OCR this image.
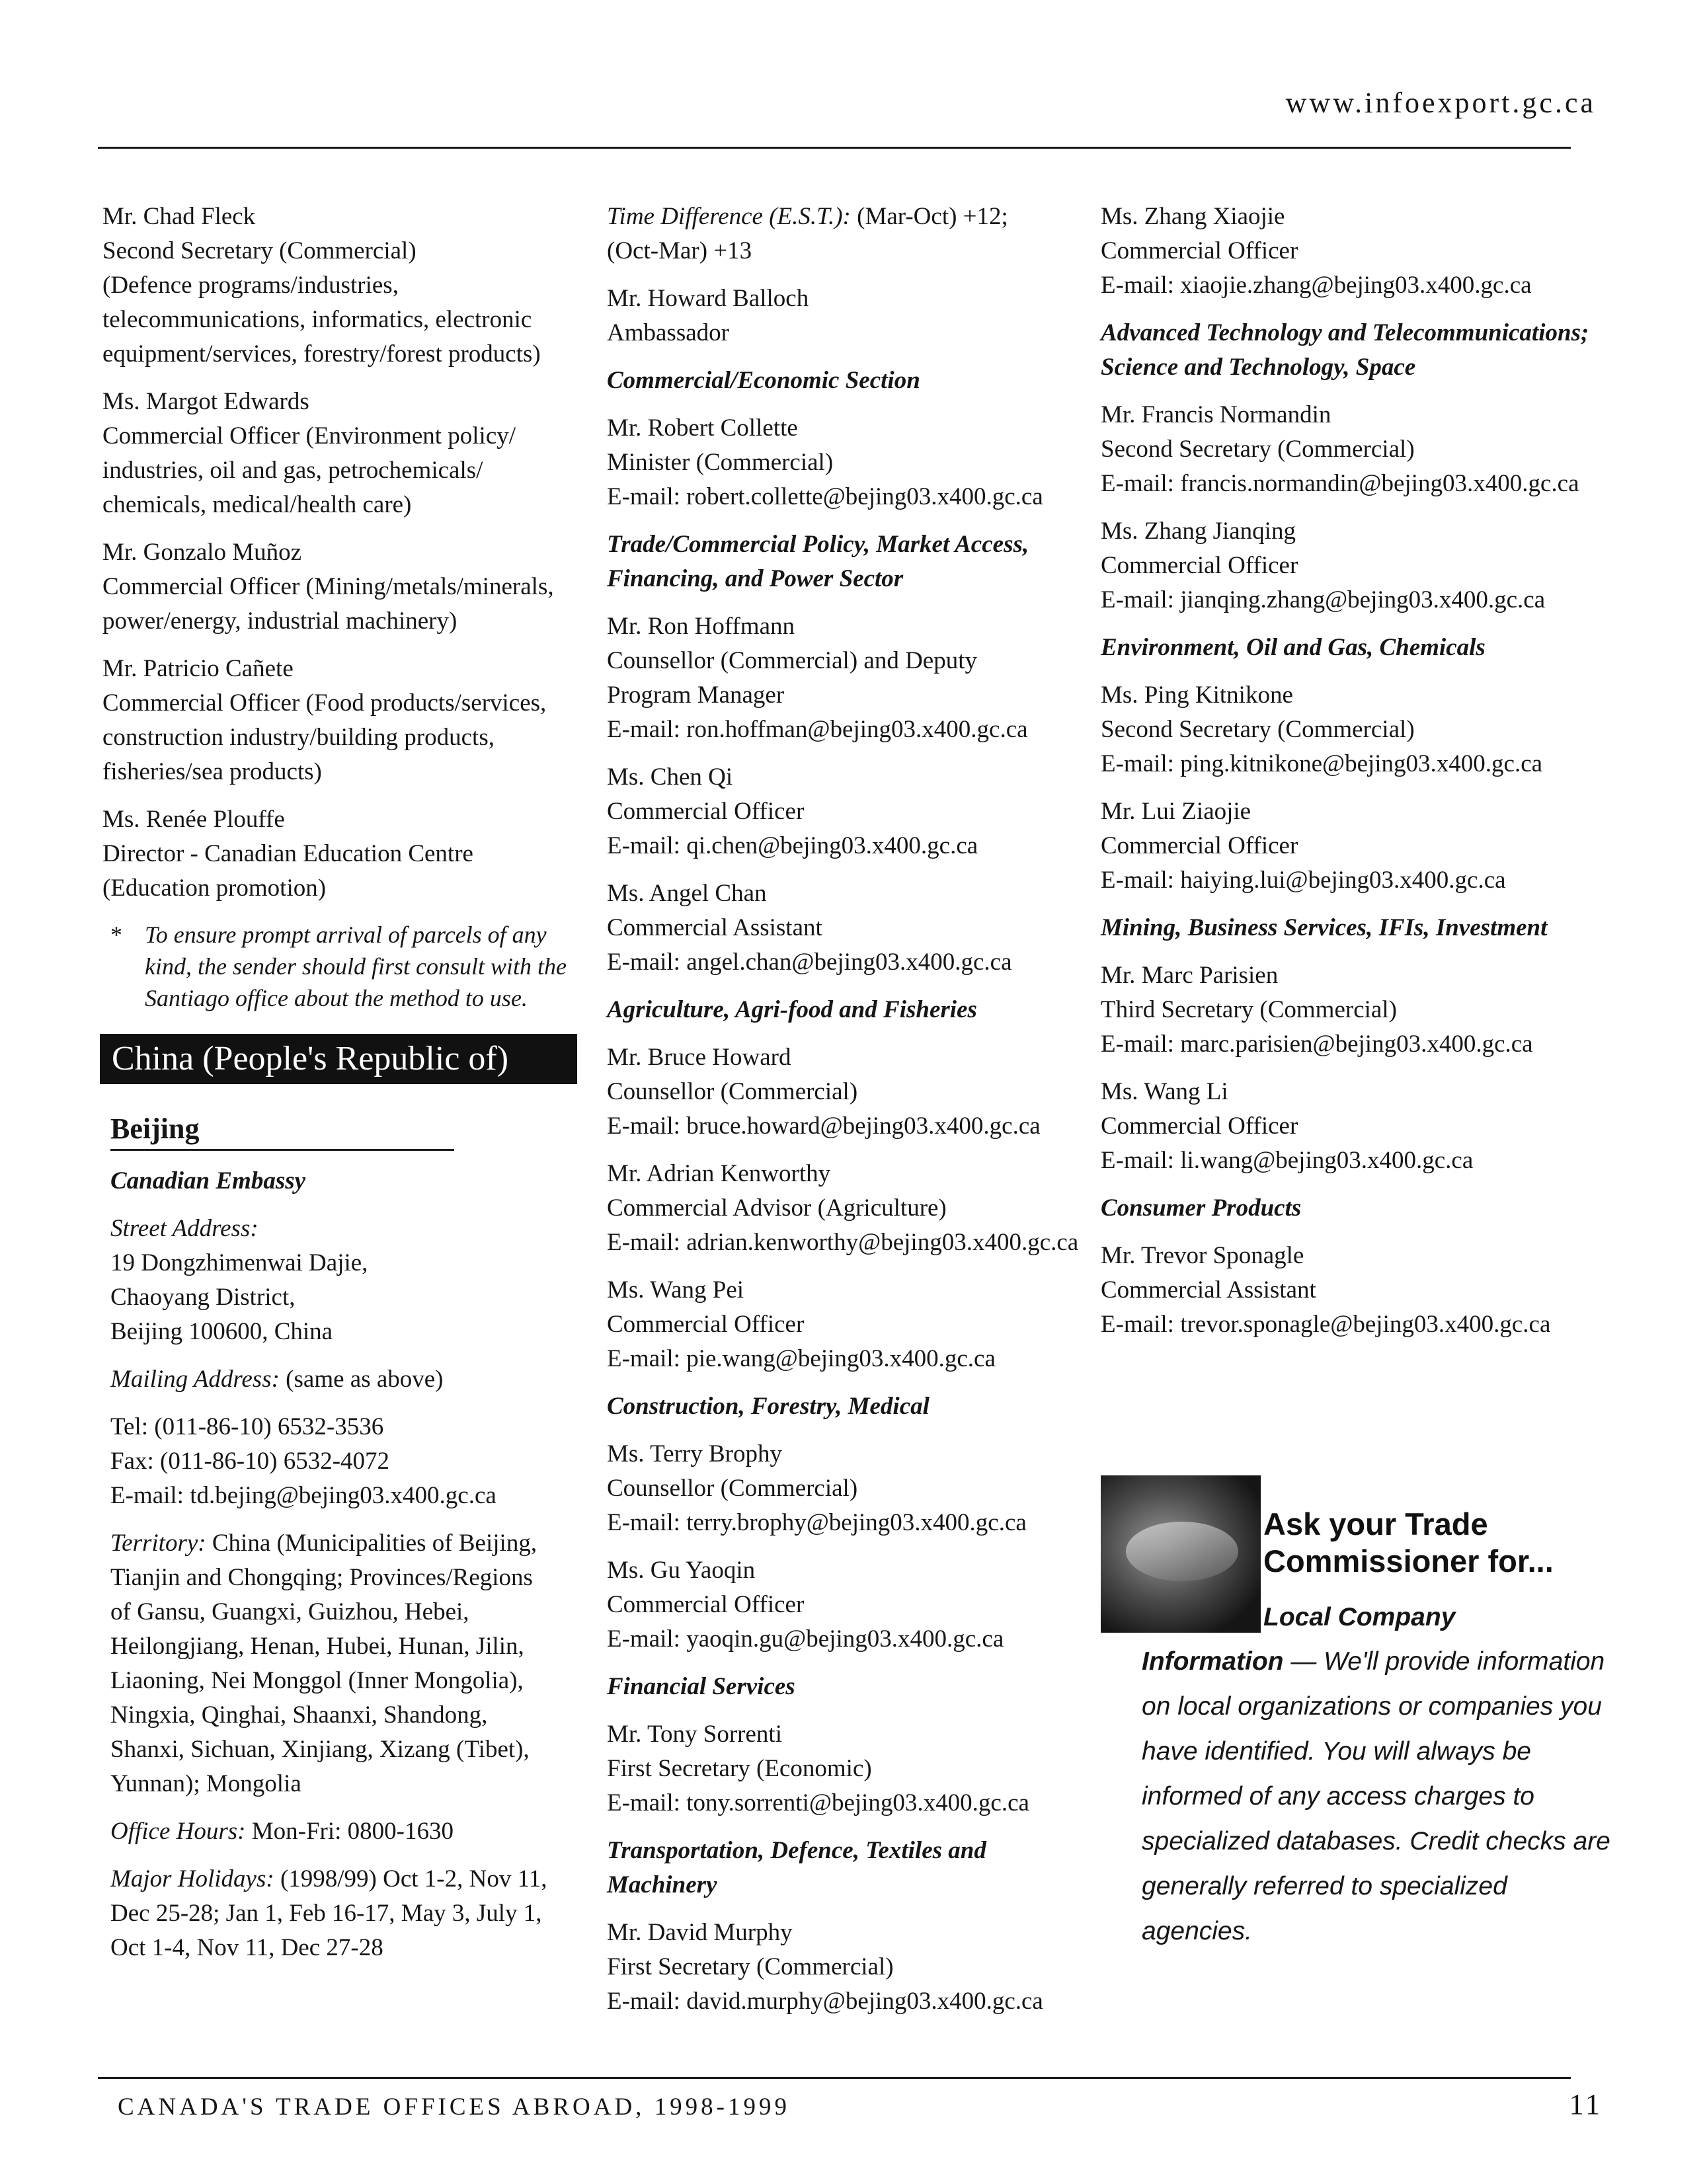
www.infoexport.gc.ca
Mr. Chad Fleck
Second Secretary (Commercial)
(Defence programs/industries,
telecommunications, informatics, electronic
equipment/services, forestry/forest products)
Ms. Margot Edwards
Commercial Officer (Environment policy/
industries, oil and gas, petrochemicals/
chemicals, medical/health care)
Mr. Gonzalo Muñoz
Commercial Officer (Mining/metals/minerals,
power/energy, industrial machinery)
Mr. Patricio Cañete
Commercial Officer (Food products/services,
construction industry/building products,
fisheries/sea products)
Ms. Renée Plouffe
Director - Canadian Education Centre
(Education promotion)
* To ensure prompt arrival of parcels of any kind, the sender should first consult with the Santiago office about the method to use.
China (People's Republic of)
Beijing
Canadian Embassy
Street Address:
19 Dongzhimenwai Dajie,
Chaoyang District,
Beijing 100600, China
Mailing Address: (same as above)
Tel: (011-86-10) 6532-3536
Fax: (011-86-10) 6532-4072
E-mail: td.bejing@bejing03.x400.gc.ca
Territory: China (Municipalities of Beijing,
Tianjin and Chongqing; Provinces/Regions
of Gansu, Guangxi, Guizhou, Hebei,
Heilongjiang, Henan, Hubei, Hunan, Jilin,
Liaoning, Nei Monggol (Inner Mongolia),
Ningxia, Qinghai, Shaanxi, Shandong,
Shanxi, Sichuan, Xinjiang, Xizang (Tibet),
Yunnan); Mongolia
Office Hours: Mon-Fri: 0800-1630
Major Holidays: (1998/99) Oct 1-2, Nov 11,
Dec 25-28; Jan 1, Feb 16-17, May 3, July 1,
Oct 1-4, Nov 11, Dec 27-28
Time Difference (E.S.T.): (Mar-Oct) +12;
(Oct-Mar) +13
Mr. Howard Balloch
Ambassador
Commercial/Economic Section
Mr. Robert Collette
Minister (Commercial)
E-mail: robert.collette@bejing03.x400.gc.ca
Trade/Commercial Policy, Market Access, Financing, and Power Sector
Mr. Ron Hoffmann
Counsellor (Commercial) and Deputy
Program Manager
E-mail: ron.hoffman@bejing03.x400.gc.ca
Ms. Chen Qi
Commercial Officer
E-mail: qi.chen@bejing03.x400.gc.ca
Ms. Angel Chan
Commercial Assistant
E-mail: angel.chan@bejing03.x400.gc.ca
Agriculture, Agri-food and Fisheries
Mr. Bruce Howard
Counsellor (Commercial)
E-mail: bruce.howard@bejing03.x400.gc.ca
Mr. Adrian Kenworthy
Commercial Advisor (Agriculture)
E-mail: adrian.kenworthy@bejing03.x400.gc.ca
Ms. Wang Pei
Commercial Officer
E-mail: pie.wang@bejing03.x400.gc.ca
Construction, Forestry, Medical
Ms. Terry Brophy
Counsellor (Commercial)
E-mail: terry.brophy@bejing03.x400.gc.ca
Ms. Gu Yaoqin
Commercial Officer
E-mail: yaoqin.gu@bejing03.x400.gc.ca
Financial Services
Mr. Tony Sorrenti
First Secretary (Economic)
E-mail: tony.sorrenti@bejing03.x400.gc.ca
Transportation, Defence, Textiles and Machinery
Mr. David Murphy
First Secretary (Commercial)
E-mail: david.murphy@bejing03.x400.gc.ca
Ms. Zhang Xiaojie
Commercial Officer
E-mail: xiaojie.zhang@bejing03.x400.gc.ca
Advanced Technology and Telecommunications; Science and Technology, Space
Mr. Francis Normandin
Second Secretary (Commercial)
E-mail: francis.normandin@bejing03.x400.gc.ca
Ms. Zhang Jianqing
Commercial Officer
E-mail: jianqing.zhang@bejing03.x400.gc.ca
Environment, Oil and Gas, Chemicals
Ms. Ping Kitnikone
Second Secretary (Commercial)
E-mail: ping.kitnikone@bejing03.x400.gc.ca
Mr. Lui Ziaojie
Commercial Officer
E-mail: haiying.lui@bejing03.x400.gc.ca
Mining, Business Services, IFIs, Investment
Mr. Marc Parisien
Third Secretary (Commercial)
E-mail: marc.parisien@bejing03.x400.gc.ca
Ms. Wang Li
Commercial Officer
E-mail: li.wang@bejing03.x400.gc.ca
Consumer Products
Mr. Trevor Sponagle
Commercial Assistant
E-mail: trevor.sponagle@bejing03.x400.gc.ca
Ask your Trade Commissioner for...
Local Company
Information — We'll provide information on local organizations or companies you have identified. You will always be informed of any access charges to specialized databases. Credit checks are generally referred to specialized agencies.
CANADA'S TRADE OFFICES ABROAD, 1998-1999	11
